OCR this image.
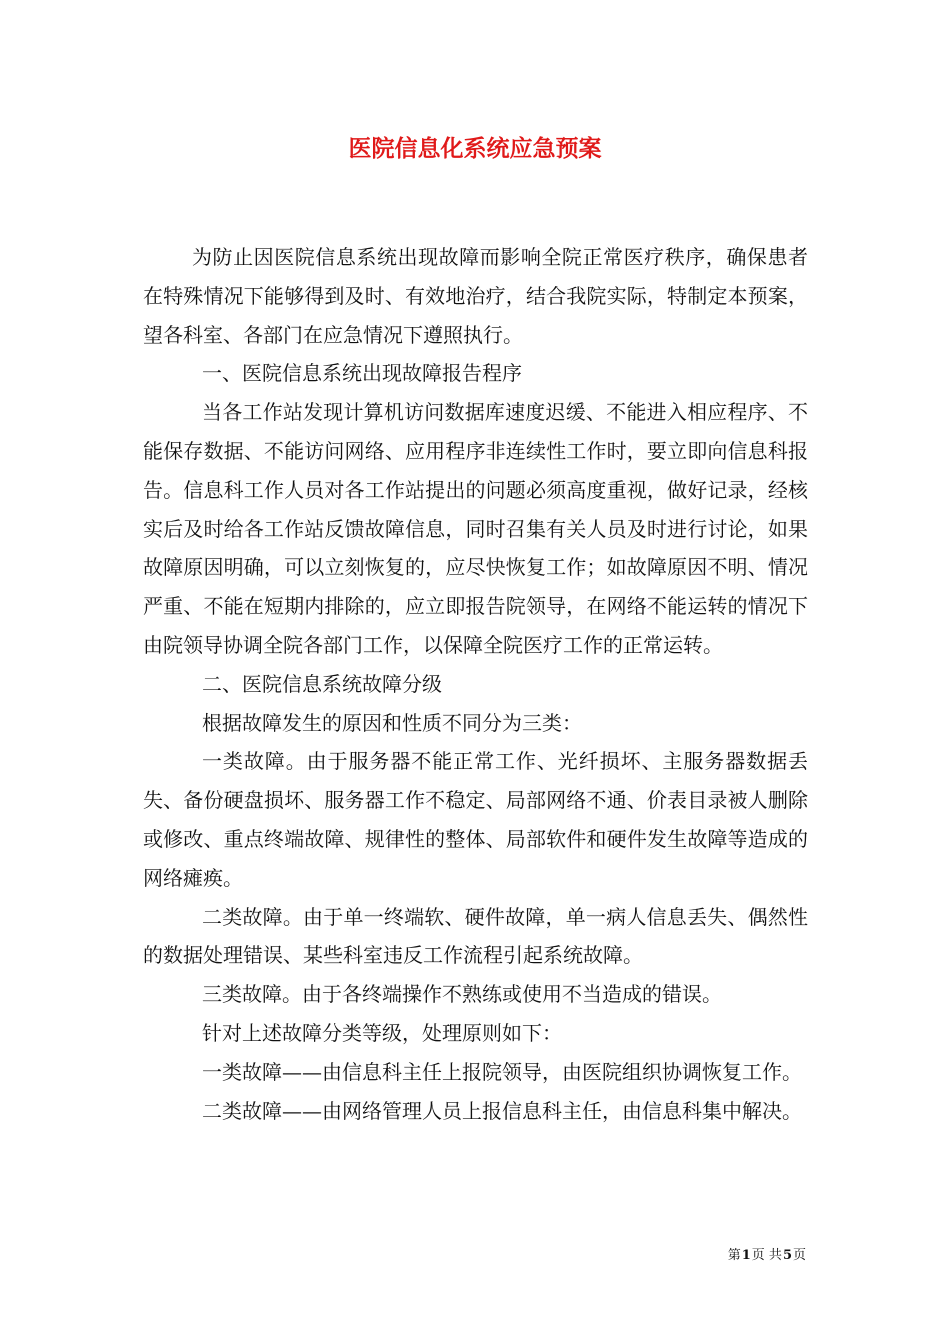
医院信息化系统应急预案

为防止因医院信息系统出现故障而影响全院正常医疗秩序，确保患者在特殊情况下能够得到及时、有效地治疗，结合我院实际，特制定本预案，望各科室、各部门在应急情况下遵照执行。

一、医院信息系统出现故障报告程序

当各工作站发现计算机访问数据库速度迟缓、不能进入相应程序、不能保存数据、不能访问网络、应用程序非连续性工作时，要立即向信息科报告。信息科工作人员对各工作站提出的问题必须高度重视，做好记录，经核实后及时给各工作站反馈故障信息，同时召集有关人员及时进行讨论，如果故障原因明确，可以立刻恢复的，应尽快恢复工作；如故障原因不明、情况严重、不能在短期内排除的，应立即报告院领导，在网络不能运转的情况下由院领导协调全院各部门工作，以保障全院医疗工作的正常运转。

二、医院信息系统故障分级

根据故障发生的原因和性质不同分为三类：

一类故障。由于服务器不能正常工作、光纤损坏、主服务器数据丢失、备份硬盘损坏、服务器工作不稳定、局部网络不通、价表目录被人删除或修改、重点终端故障、规律性的整体、局部软件和硬件发生故障等造成的网络瘫痪。

二类故障。由于单一终端软、硬件故障，单一病人信息丢失、偶然性的数据处理错误、某些科室违反工作流程引起系统故障。

三类故障。由于各终端操作不熟练或使用不当造成的错误。

针对上述故障分类等级，处理原则如下：

一类故障——由信息科主任上报院领导，由医院组织协调恢复工作。

二类故障——由网络管理人员上报信息科主任，由信息科集中解决。

第1页 共5页
